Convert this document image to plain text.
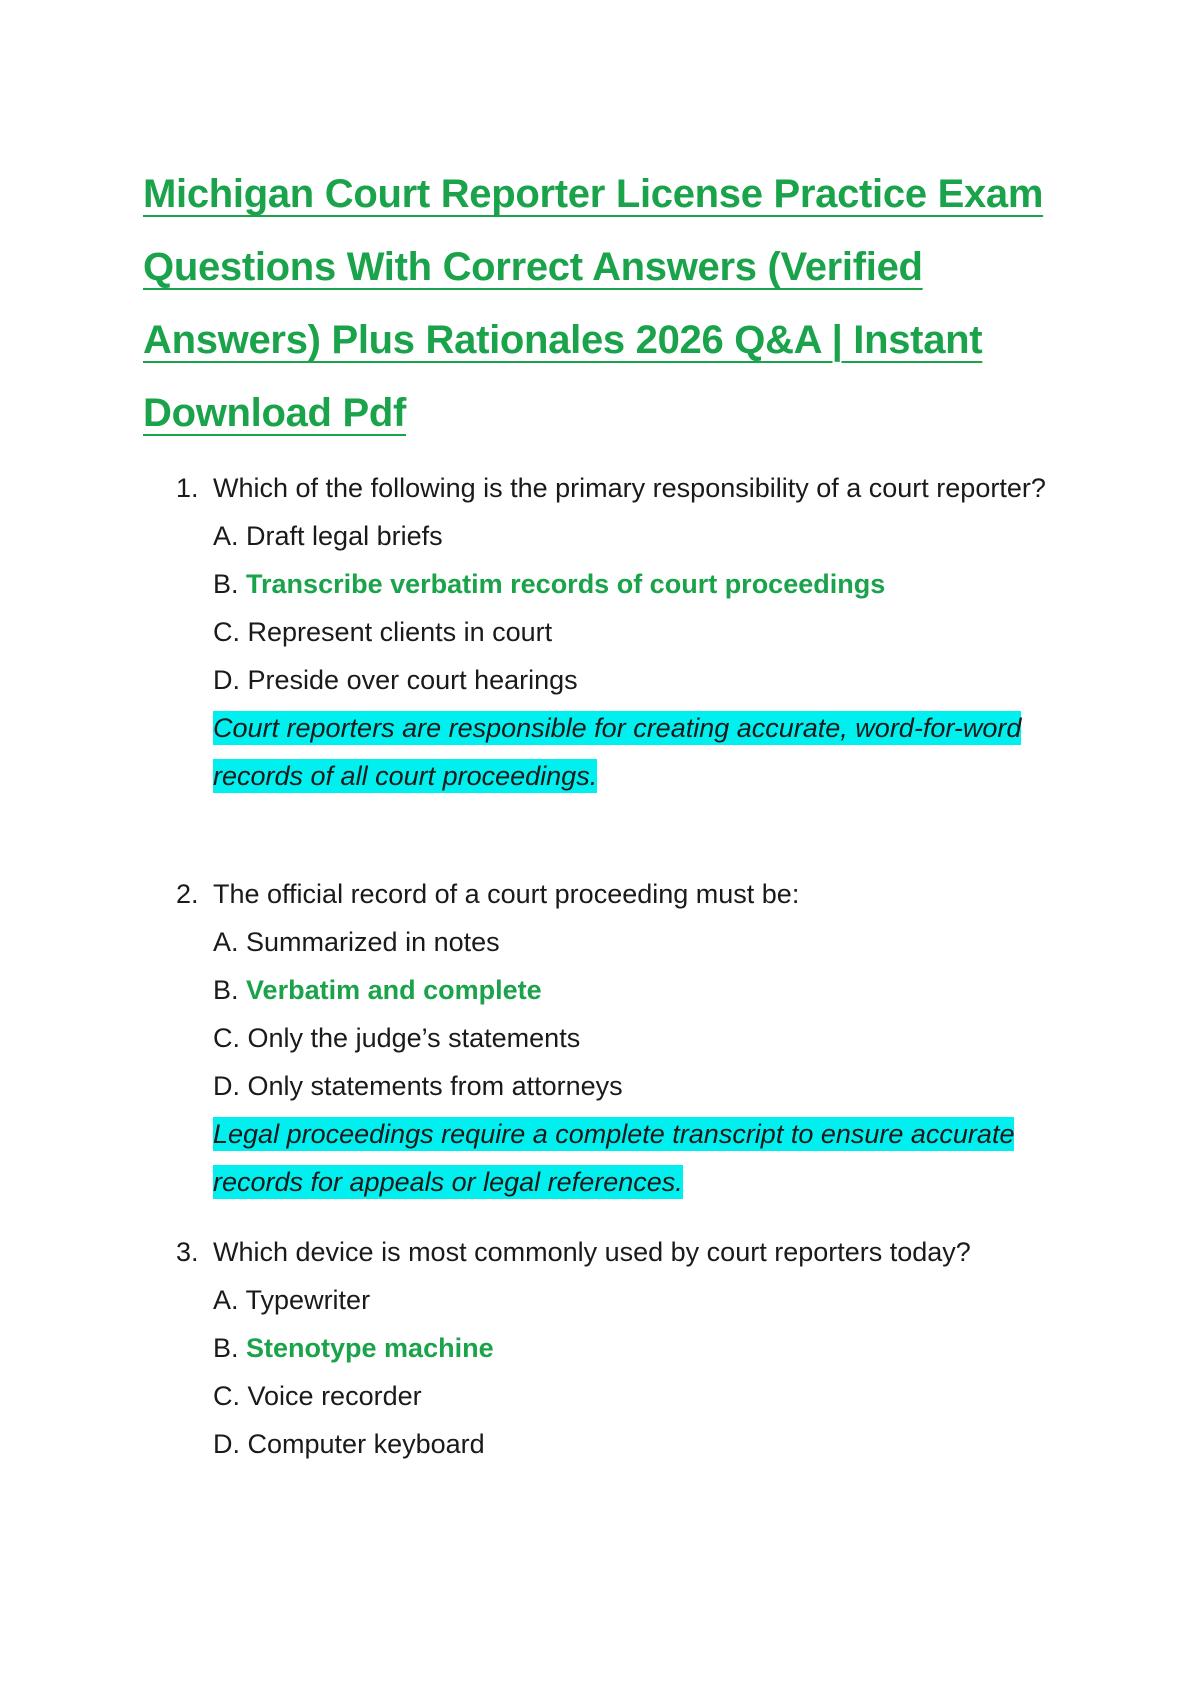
Michigan Court Reporter License Practice Exam Questions With Correct Answers (Verified Answers) Plus Rationales 2026 Q&A | Instant Download Pdf
1. Which of the following is the primary responsibility of a court reporter?

A. Draft legal briefs

B. Transcribe verbatim records of court proceedings

C. Represent clients in court

D. Preside over court hearings

Court reporters are responsible for creating accurate, word-for-word records of all court proceedings.

2. The official record of a court proceeding must be:

A. Summarized in notes

B. Verbatim and complete

C. Only the judge’s statements

D. Only statements from attorneys

Legal proceedings require a complete transcript to ensure accurate records for appeals or legal references.

3. Which device is most commonly used by court reporters today?

A. Typewriter

B. Stenotype machine

C. Voice recorder

D. Computer keyboard
